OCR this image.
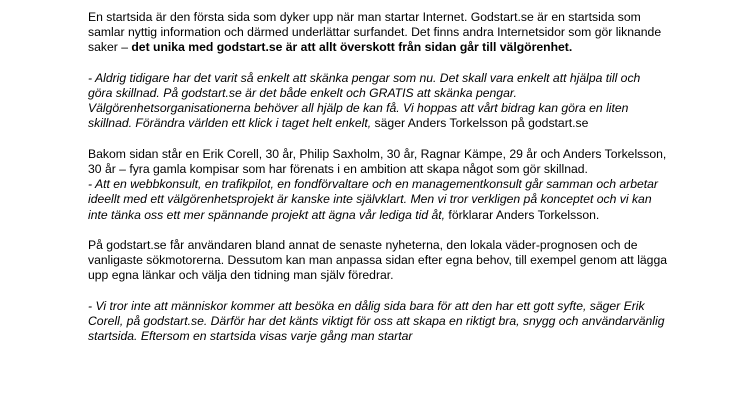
En startsida är den första sida som dyker upp när man startar Internet. Godstart.se är en startsida som samlar nyttig information och därmed underlättar surfandet. Det finns andra Internetsidor som gör liknande saker – det unika med godstart.se är att allt överskott från sidan går till välgörenhet.

- Aldrig tidigare har det varit så enkelt att skänka pengar som nu. Det skall vara enkelt att hjälpa till och göra skillnad. På godstart.se är det både enkelt och GRATIS att skänka pengar. Välgörenhetsorganisationerna behöver all hjälp de kan få. Vi hoppas att vårt bidrag kan göra en liten skillnad. Förändra världen ett klick i taget helt enkelt, säger Anders Torkelsson på godstart.se

Bakom sidan står en Erik Corell, 30 år, Philip Saxholm, 30 år, Ragnar Kämpe, 29 år och Anders Torkelsson, 30 år – fyra gamla kompisar som har förenats i en ambition att skapa något som gör skillnad.

- Att en webbkonsult, en trafikpilot, en fondförvaltare och en managementkonsult går samman och arbetar ideellt med ett välgörenhetsprojekt är kanske inte självklart. Men vi tror verkligen på konceptet och vi kan inte tänka oss ett mer spännande projekt att ägna vår lediga tid åt, förklarar Anders Torkelsson.

På godstart.se får användaren bland annat de senaste nyheterna, den lokala väder-prognosen och de vanligaste sökmotorerna. Dessutom kan man anpassa sidan efter egna behov, till exempel genom att lägga upp egna länkar och välja den tidning man själv föredrar.

- Vi tror inte att människor kommer att besöka en dålig sida bara för att den har ett gott syfte, säger Erik Corell, på godstart.se. Därför har det känts viktigt för oss att skapa en riktigt bra, snygg och användarvänlig startsida. Eftersom en startsida visas varje gång man startar
